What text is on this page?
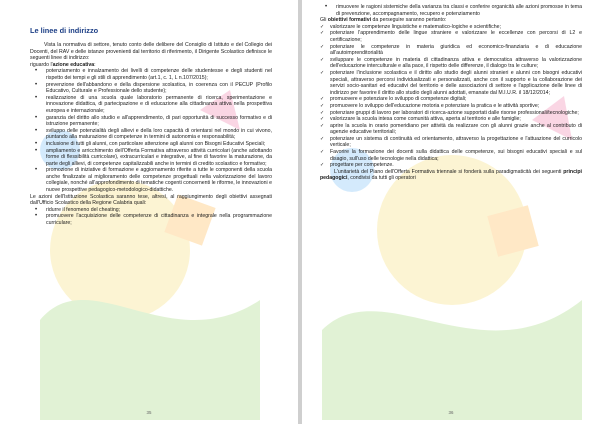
Le linee di indirizzo

Vista la normativa di settore, tenuto conto delle delibere del Consiglio di Istituto e del Collegio dei Docenti, del RAV e delle istanze provenienti dal territorio di riferimento, il Dirigente Scolastico definisce le seguenti linee di indirizzo:

riguardo l'azione educativa:

• potenziamento e innalzamento dei livelli di competenze delle studentesse e degli studenti nel rispetto dei tempi e gli stili di apprendimento (art.1, c. 1, L n.107/2015);
• prevenzione dell'abbandono e della dispersione scolastica, in coerenza con il PECUP (Profilo Educativo, Culturale e Professionale dello studente);
• realizzazione di una scuola quale laboratorio permanente di ricerca, sperimentazione e innovazione didattica, di partecipazione e di educazione alla cittadinanza attiva nella prospettiva europea e internazionale;
• garanzia del diritto allo studio e all'apprendimento, di pari opportunità di successo formativo e di istruzione permanente;
• sviluppo delle potenzialità degli allievi e della loro capacità di orientarsi nel mondo in cui vivono, puntando alla maturazione di competenze in termini di autonomia e responsabilità;
• inclusione di tutti gli alunni, con particolare attenzione agli alunni con Bisogni Educativi Speciali;
• ampliamento e arricchimento dell'Offerta Formativa attraverso attività curricolari (anche adottando forme di flessibilità curricolare), extracurriculari e integrative, al fine di favorire la maturazione, da parte degli allievi, di competenze capitalizzabili anche in termini di credito scolastico e formativo;
• promozione di iniziative di formazione e aggiornamento riferite a tutte le componenti della scuola anche finalizzate al miglioramento delle competenze progettuali nella valorizzazione del lavoro collegiale, nonché all'approfondimento di tematiche cogenti concernenti le riforme, le innovazioni e nuove prospettive pedagogico-metodologico-didattiche.

Le azioni dell'Istituzione Scolastica saranno tese, altresì, al raggiungimento degli obiettivi assegnati dall'Ufficio Scolastico della Regione Calabria quali:

• ridurre il fenomeno del cheating;
• promuovere l'acquisizione delle competenze di cittadinanza e integrale nella programmazione curriculare;
35
• rimuovere le ragioni sistemiche della varianza tra classi e conferire organicità alle azioni promosse in tema di prevenzione, accompagnamento, recupero e potenziamento

Gli obiettivi formativi da perseguire saranno pertanto:

✓ valorizzare le competenze linguistiche e matematico-logiche e scientifiche;
✓ potenziare l'apprendimento delle lingue straniere e valorizzare le eccellenze con percorsi di L2 e certificazione;
✓ potenziare le competenze in materia giuridica ed economico-finanziaria e di educazione all'autoimprenditorialità
✓ sviluppare le competenze in materia di cittadinanza attiva e democratica attraverso la valorizzazione dell'educazione interculturale e alla pace, il rispetto delle differenze, il dialogo tra le culture;
✓ potenziare l'inclusione scolastica e il diritto allo studio degli alunni stranieri e alunni con bisogni educativi speciali, attraverso percorsi individualizzati e personalizzati, anche con il supporto e la collaborazione dei servizi socio-sanitari ed educativi del territorio e delle associazioni di settore e l'applicazione delle linee di indirizzo per favorire il diritto allo studio degli alunni adottati, emanate dal M.I.U.R. il 18/12/2014;
✓ promuovere e potenziare lo sviluppo di competenze digitali;
✓ promuovere lo sviluppo dell'educazione motoria e potenziare la pratica e le attività sportive;
✓ potenziare gruppi di lavoro per laboratori di ricerca-azione supportati dalle risorse professionali/tecnologiche;
✓ valorizzare la scuola intesa come comunità attiva, aperta al territorio e alle famiglie;
✓ aprire la scuola in orario pomeridiano per attività da realizzare con gli alunni grazie anche al contributo di agenzie educative territoriali;
✓ potenziare un sistema di continuità ed orientamento, attraverso la progettazione e l'attuazione del curricolo verticale;
✓ Favorire la formazione dei docenti sulla didattica delle competenze, sui bisogni educativi speciali e sul disagio, sull'uso delle tecnologie nella didattica;
✓ progettare per competenze.

L'unitarietà del Piano dell'Offerta Formativa triennale si fonderà sulla paradigmaticità dei seguenti principi pedagogici, condivisi da tutti gli operatori

36
